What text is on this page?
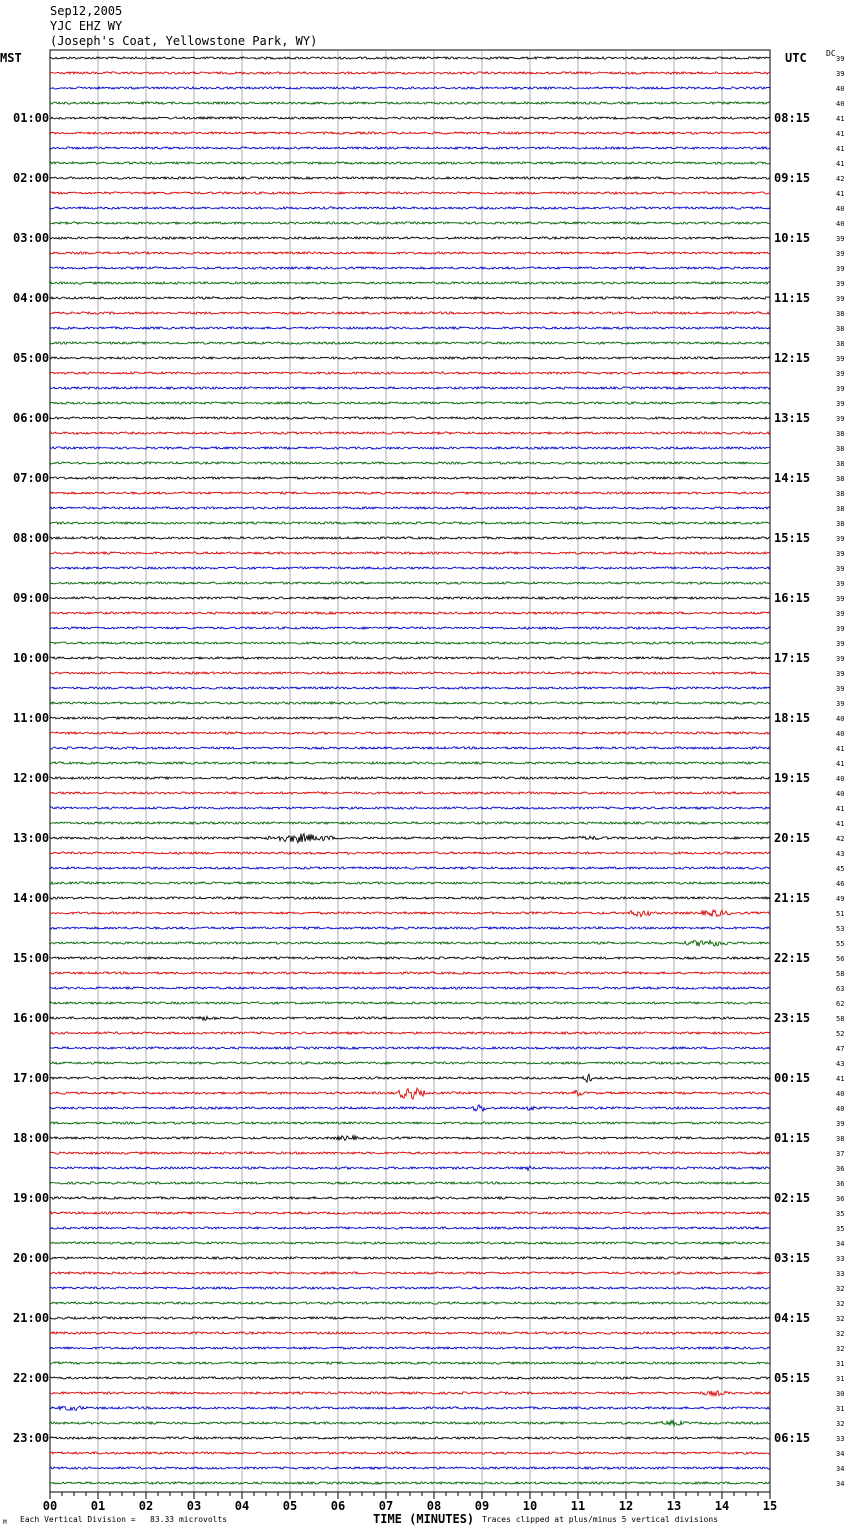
Sep12,2005
YJC EHZ WY
(Joseph's Coat, Yellowstone Park, WY)
MST	UTC DC
39
39
40
40
41
41
41
41
42
41
40
40
39
39
39
39
39
38
38
38
39
39
39
39
39
38
38
38
38
38
38
38
39
39
39
39
39
39
39
39
39
39
39
39
40
40
41
41
40
40
41
41
42
43
45
46
49
51
53
55
56
58
63
62
58
52
47
43
41
40
40
39
38
37
36
36
36
35
35
34
33
33
32
32
32
32
32
31
31
30
31
32
33
34
34
34
01:00	08:15
02:00	09:15
03:00	10:15
04:00	11:15
05:00	12:15
06:00	13:15
07:00	14:15
08:00	15:15
09:00	16:15
10:00	17:15
11:00	18:15
12:00	19:15
13:00	20:15
14:00	21:15
15:00	22:15
16:00	23:15
17:00	00:15
18:00	01:15
19:00	02:15
20:00	03:15
21:00	04:15
22:00	05:15
23:00	06:15
00	01	02	03	04	05	06	07	08	09	10	11	12	13	14	15
M Each Vertical Division =   83.33 microvolts	TIME (MINUTES) Traces clipped at plus/minus 5 vertical divisions
